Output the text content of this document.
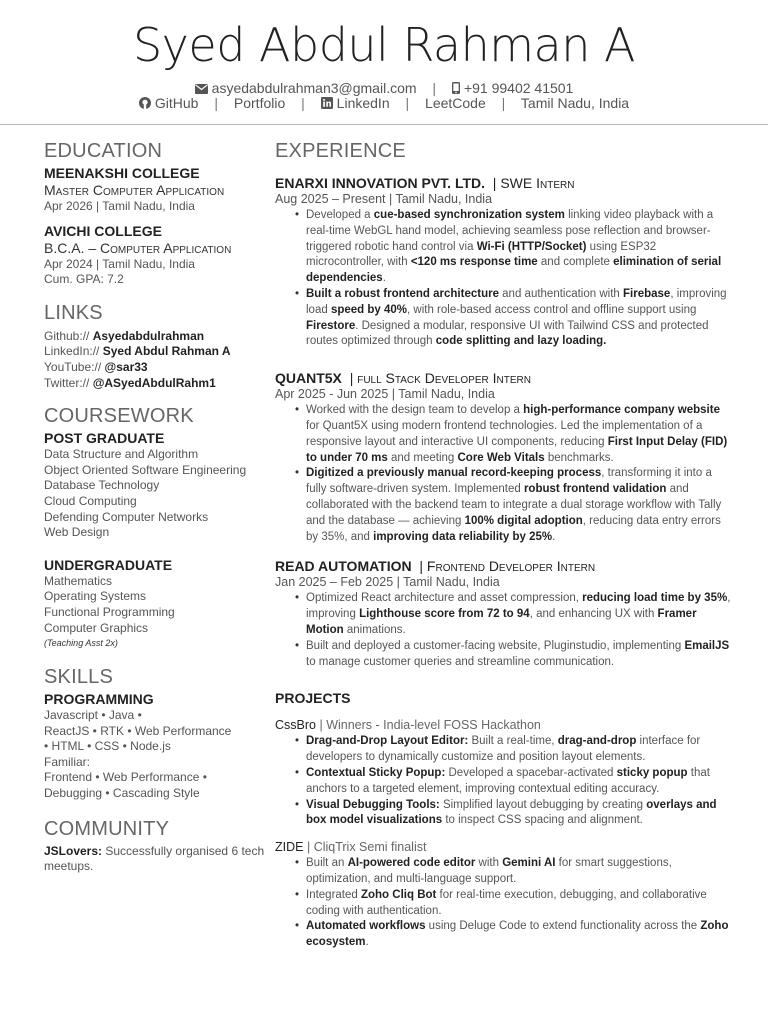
Syed Abdul Rahman A
asyedabdulrahman3@gmail.com | +91 99402 41501
GitHub | Portfolio | LinkedIn | LeetCode | Tamil Nadu, India
EDUCATION
MEENAKSHI COLLEGE
Master Computer Application
Apr 2026 | Tamil Nadu, India
AVICHI COLLEGE
B.C.A. – Computer Application
Apr 2024 | Tamil Nadu, India
Cum. GPA: 7.2
LINKS
Github:// Asyedabdulrahman
LinkedIn:// Syed Abdul Rahman A
YouTube:// @sar33
Twitter:// @ASyedAbdulRahm1
COURSEWORK
POST GRADUATE
Data Structure and Algorithm
Object Oriented Software Engineering
Database Technology
Cloud Computing
Defending Computer Networks
Web Design
UNDERGRADUATE
Mathematics
Operating Systems
Functional Programming
Computer Graphics
(Teaching Asst 2x)
SKILLS
PROGRAMMING
Javascript • Java •
ReactJS • RTK • Web Performance
• HTML • CSS • Node.js
Familiar:
Frontend • Web Performance •
Debugging • Cascading Style
COMMUNITY
JSLovers: Successfully organised 6 tech meetups.
EXPERIENCE
ENARXI INNOVATION PVT. LTD. | SWE Intern
Aug 2025 – Present | Tamil Nadu, India
• Developed a cue-based synchronization system linking video playback with a real-time WebGL hand model, achieving seamless pose reflection and browser-triggered robotic hand control via Wi-Fi (HTTP/Socket) using ESP32 microcontroller, with <120 ms response time and complete elimination of serial dependencies.
• Built a robust frontend architecture and authentication with Firebase, improving load speed by 40%, with role-based access control and offline support using Firestore. Designed a modular, responsive UI with Tailwind CSS and protected routes optimized through code splitting and lazy loading.
QUANT5X | full Stack Developer Intern
Apr 2025 - Jun 2025 | Tamil Nadu, India
• Worked with the design team to develop a high-performance company website for Quant5X using modern frontend technologies. Led the implementation of a responsive layout and interactive UI components, reducing First Input Delay (FID) to under 70 ms and meeting Core Web Vitals benchmarks.
• Digitized a previously manual record-keeping process, transforming it into a fully software-driven system. Implemented robust frontend validation and collaborated with the backend team to integrate a dual storage workflow with Tally and the database — achieving 100% digital adoption, reducing data entry errors by 35%, and improving data reliability by 25%.
READ AUTOMATION | Frontend Developer Intern
Jan 2025 – Feb 2025 | Tamil Nadu, India
• Optimized React architecture and asset compression, reducing load time by 35%, improving Lighthouse score from 72 to 94, and enhancing UX with Framer Motion animations.
• Built and deployed a customer-facing website, Pluginstudio, implementing EmailJS to manage customer queries and streamline communication.
PROJECTS
CssBro | Winners - India-level FOSS Hackathon
• Drag-and-Drop Layout Editor: Built a real-time, drag-and-drop interface for developers to dynamically customize and position layout elements.
• Contextual Sticky Popup: Developed a spacebar-activated sticky popup that anchors to a targeted element, improving contextual editing accuracy.
• Visual Debugging Tools: Simplified layout debugging by creating overlays and box model visualizations to inspect CSS spacing and alignment.
ZIDE | CliqTrix Semi finalist
• Built an AI-powered code editor with Gemini AI for smart suggestions, optimization, and multi-language support.
• Integrated Zoho Cliq Bot for real-time execution, debugging, and collaborative coding with authentication.
• Automated workflows using Deluge Code to extend functionality across the Zoho ecosystem.
